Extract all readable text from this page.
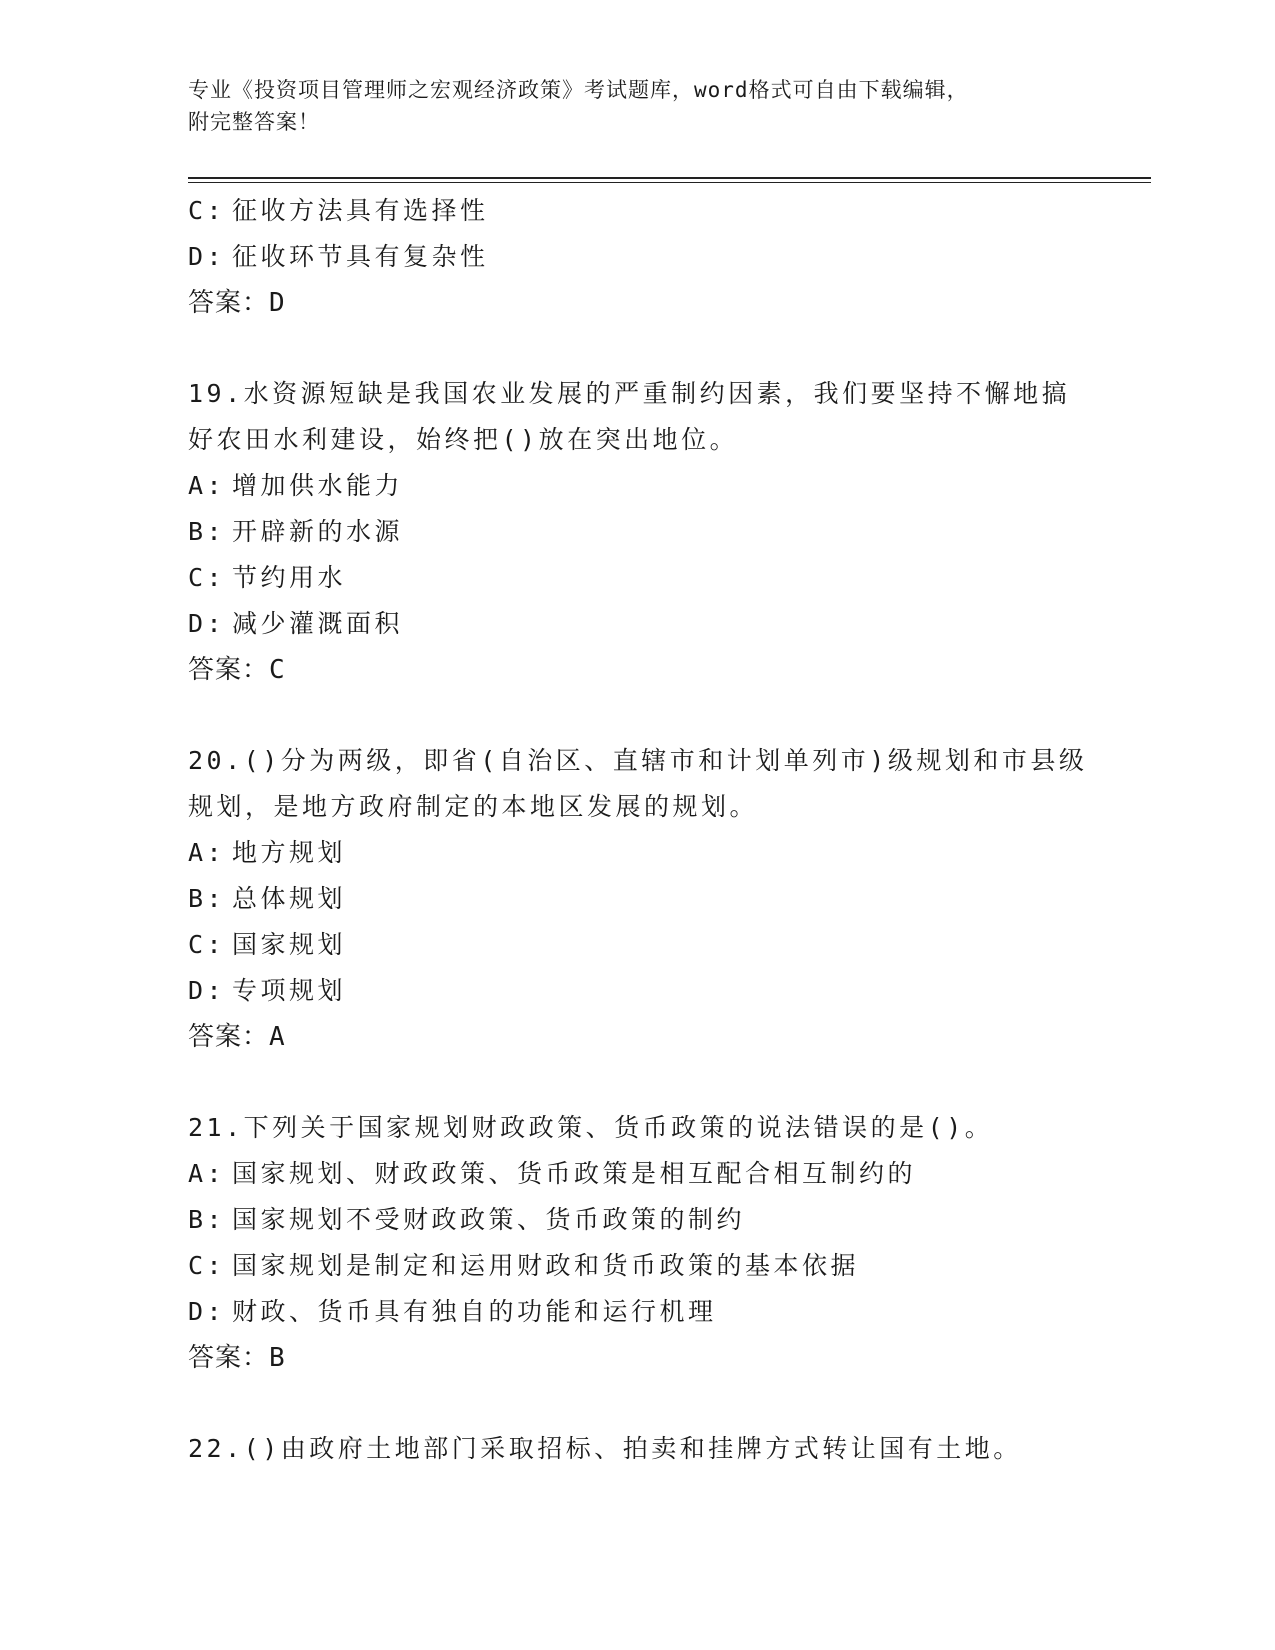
专业《投资项目管理师之宏观经济政策》考试题库，word格式可自由下载编辑，
附完整答案！
C: 征收方法具有选择性
D: 征收环节具有复杂性
答案：D
19.水资源短缺是我国农业发展的严重制约因素，我们要坚持不懈地搞
好农田水利建设，始终把()放在突出地位。
A: 增加供水能力
B: 开辟新的水源
C: 节约用水
D: 减少灌溉面积
答案：C
20.()分为两级，即省(自治区、直辖市和计划单列市)级规划和市县级
规划，是地方政府制定的本地区发展的规划。
A: 地方规划
B: 总体规划
C: 国家规划
D: 专项规划
答案：A
21.下列关于国家规划财政政策、货币政策的说法错误的是()。
A: 国家规划、财政政策、货币政策是相互配合相互制约的
B: 国家规划不受财政政策、货币政策的制约
C: 国家规划是制定和运用财政和货币政策的基本依据
D: 财政、货币具有独自的功能和运行机理
答案：B
22.()由政府土地部门采取招标、拍卖和挂牌方式转让国有土地。
